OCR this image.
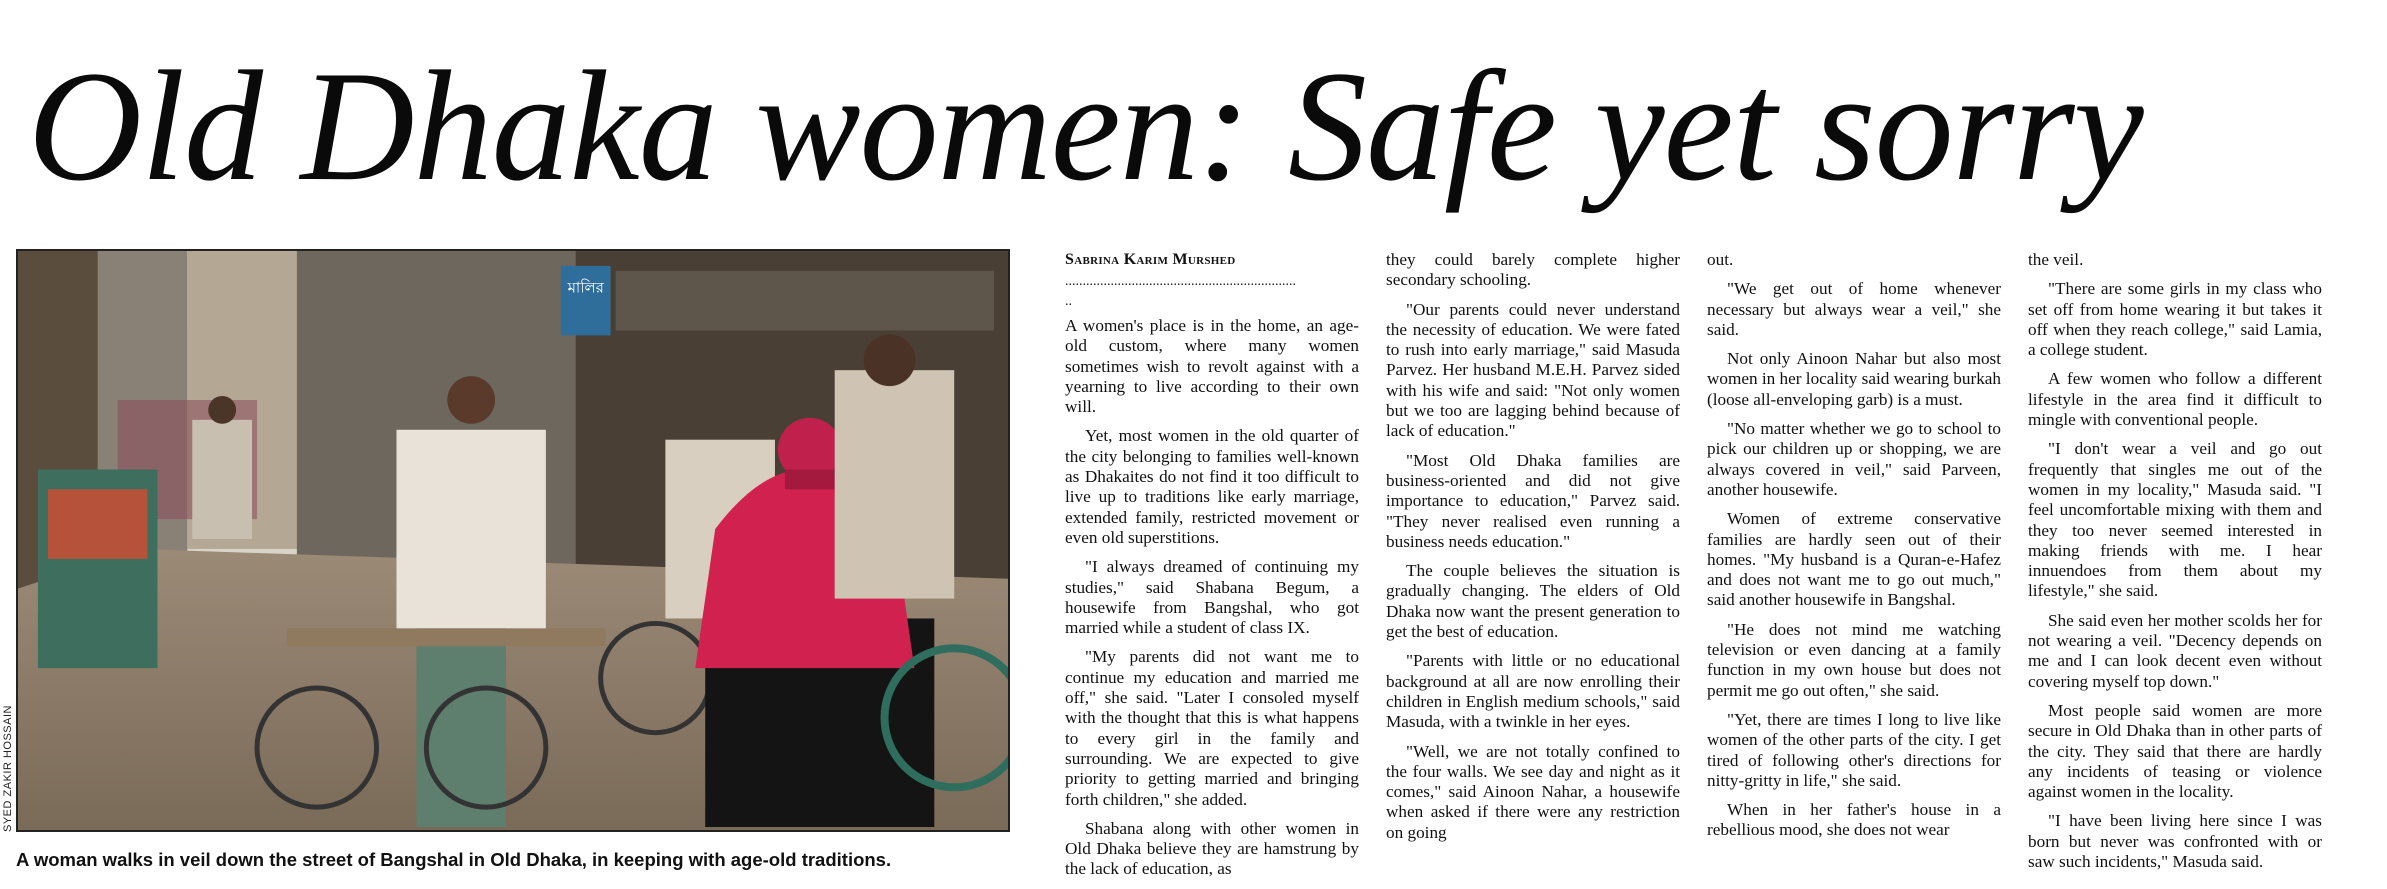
Old Dhaka women: Safe yet sorry
মালির
SYED ZAKIR HOSSAIN

A woman walks in veil down the street of Bangshal in Old Dhaka, in keeping with age-old traditions.

Sabrina Karim Murshed
..................................................................
..

A women's place is in the home, an age-old custom, where many women sometimes wish to revolt against with a yearning to live according to their own will.

Yet, most women in the old quarter of the city belonging to families well-known as Dhakaites do not find it too difficult to live up to traditions like early marriage, extended family, restricted movement or even old superstitions.

"I always dreamed of continuing my studies," said Shabana Begum, a housewife from Bangshal, who got married while a student of class IX.

"My parents did not want me to continue my education and married me off," she said. "Later I consoled myself with the thought that this is what happens to every girl in the family and surrounding. We are expected to give priority to getting married and bringing forth children," she added.

Shabana along with other women in Old Dhaka believe they are hamstrung by the lack of education, as

they could barely complete higher secondary schooling.

"Our parents could never understand the necessity of education. We were fated to rush into early marriage," said Masuda Parvez. Her husband M.E.H. Parvez sided with his wife and said: "Not only women but we too are lagging behind because of lack of education."

"Most Old Dhaka families are business-oriented and did not give importance to education," Parvez said. "They never realised even running a business needs education."

The couple believes the situation is gradually changing. The elders of Old Dhaka now want the present generation to get the best of education.

"Parents with little or no educational background at all are now enrolling their children in English medium schools," said Masuda, with a twinkle in her eyes.

"Well, we are not totally confined to the four walls. We see day and night as it comes," said Ainoon Nahar, a housewife when asked if there were any restriction on going

out.

"We get out of home whenever necessary but always wear a veil," she said.

Not only Ainoon Nahar but also most women in her locality said wearing burkah (loose all-enveloping garb) is a must.

"No matter whether we go to school to pick our children up or shopping, we are always covered in veil," said Parveen, another housewife.

Women of extreme conservative families are hardly seen out of their homes. "My husband is a Quran-e-Hafez and does not want me to go out much," said another housewife in Bangshal.

"He does not mind me watching television or even dancing at a family function in my own house but does not permit me go out often," she said.

"Yet, there are times I long to live like women of the other parts of the city. I get tired of following other's directions for nitty-gritty in life," she said.

When in her father's house in a rebellious mood, she does not wear

the veil.

"There are some girls in my class who set off from home wearing it but takes it off when they reach college," said Lamia, a college student.

A few women who follow a different lifestyle in the area find it difficult to mingle with conventional people.

"I don't wear a veil and go out frequently that singles me out of the women in my locality," Masuda said. "I feel uncomfortable mixing with them and they too never seemed interested in making friends with me. I hear innuendoes from them about my lifestyle," she said.

She said even her mother scolds her for not wearing a veil. "Decency depends on me and I can look decent even without covering myself top down."

Most people said women are more secure in Old Dhaka than in other parts of the city. They said that there are hardly any incidents of teasing or violence against women in the locality.

"I have been living here since I was born but never was confronted with or saw such incidents," Masuda said.
